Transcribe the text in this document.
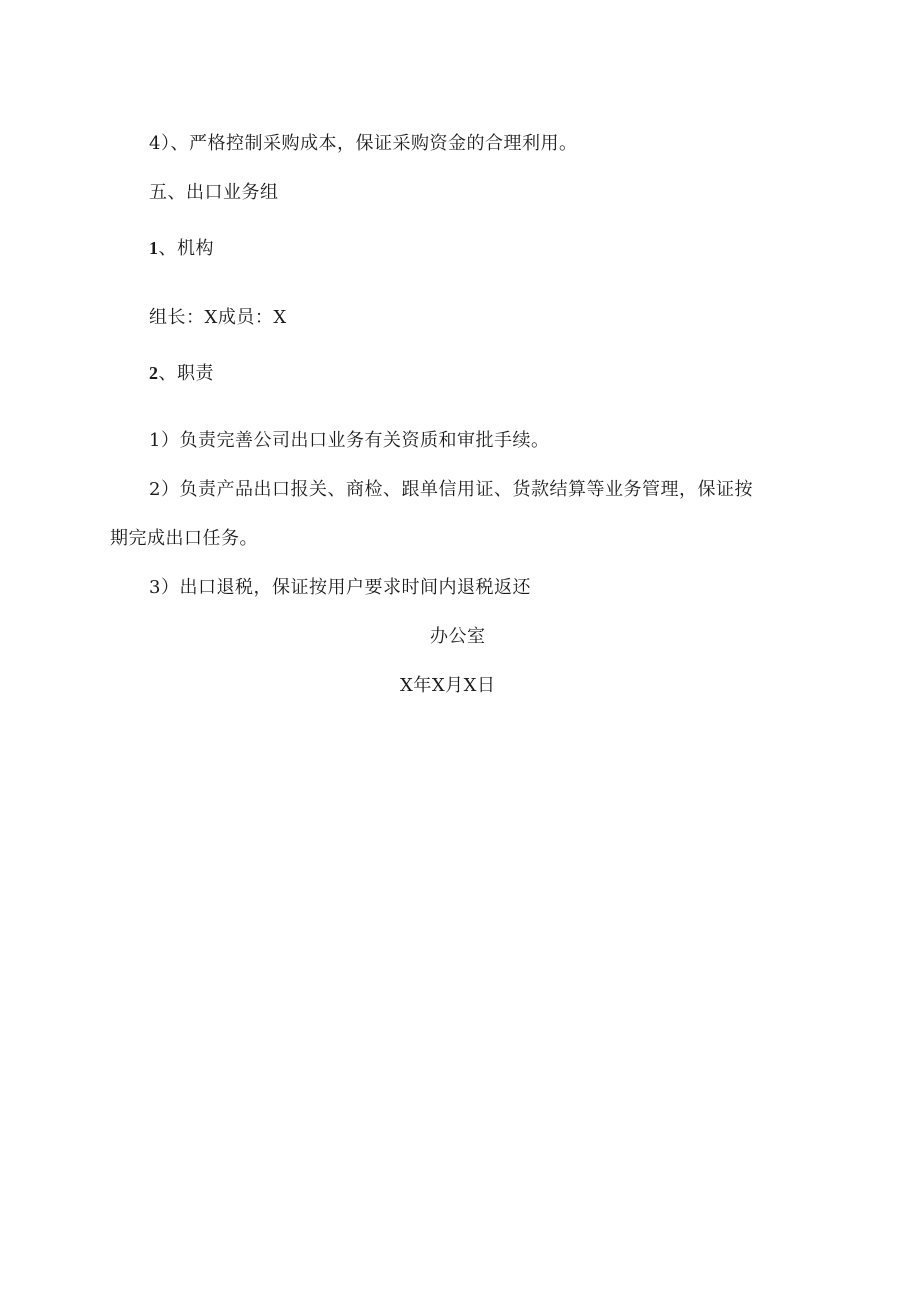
4）、严格控制采购成本，保证采购资金的合理利用。
五、出口业务组
1、机构
组长：X成员：X
2、职责
1）负责完善公司出口业务有关资质和审批手续。
2）负责产品出口报关、商检、跟单信用证、货款结算等业务管理，保证按
期完成出口任务。
3）出口退税，保证按用户要求时间内退税返还
办公室
X年X月X日
